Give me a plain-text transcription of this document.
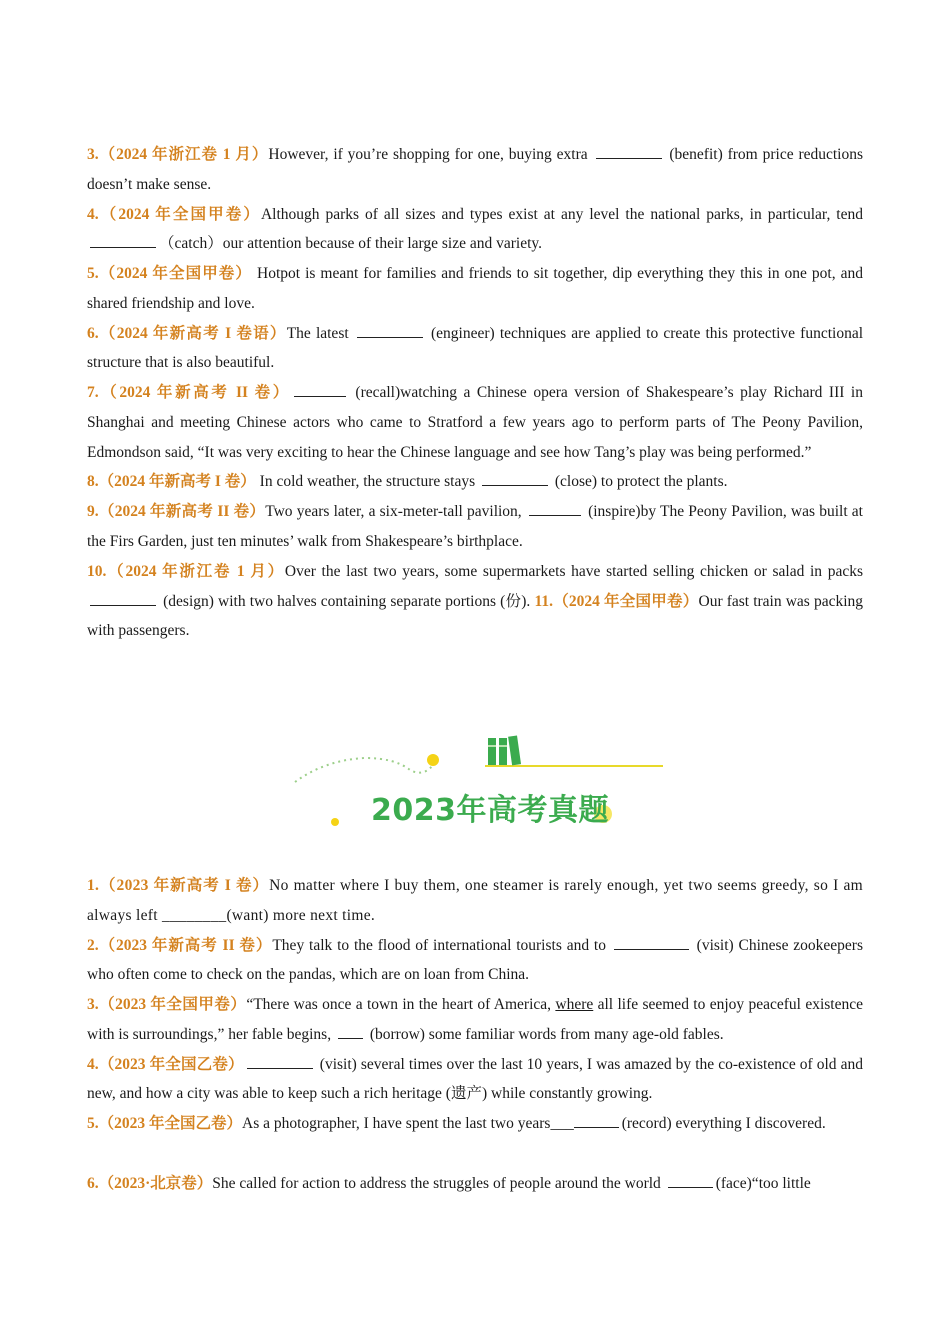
3.（2024 年浙江卷 1 月）However, if you’re shopping for one, buying extra	(benefit) from price reductions doesn’t make sense.

4.（2024 年全国甲卷）Although parks of all sizes and types exist at any level the national parks, in particular, tend （catch）our attention because of their large size and variety.

5.（2024 年全国甲卷） Hotpot is meant for families and friends to sit together, dip everything they this in one pot, and shared friendship and love.

6.（2024 年新高考 I 卷语）The latest	(engineer) techniques are applied to create this protective functional structure that is also beautiful.

7.（2024 年新高考 II 卷）	(recall)watching a Chinese opera version of Shakespeare’s play Richard III in Shanghai and meeting Chinese actors who came to Stratford a few years ago to perform parts of The Peony Pavilion, Edmondson said, “It was very exciting to hear the Chinese language and see how Tang’s play was being performed.”

8.（2024 年新高考 I 卷） In cold weather, the structure stays	(close) to protect the plants.

9.（2024 年新高考 II 卷）Two years later, a six-meter-tall pavilion,	(inspire)by The Peony Pavilion, was built at the Firs Garden, just ten minutes’ walk from Shakespeare’s birthplace.

10.（2024 年浙江卷 1 月）Over the last two years, some supermarkets have started selling chicken or salad in packs  (design) with two halves containing separate portions (份). 11.（2024 年全国甲卷）Our fast train was packing with passengers.

2023年高考真题

1.（2023 年新高考 I 卷）No matter where I buy them, one steamer is rarely enough, yet two seems greedy, so I am always left ________(want) more next time.

2.（2023 年新高考 II 卷）They talk to the flood of international tourists and to	(visit) Chinese zookeepers who often come to check on the pandas, which are on loan from China.

3.（2023 年全国甲卷）“There was once a town in the heart of America, where all life seemed to enjoy peaceful existence with is surroundings,” her fable begins,	(borrow) some familiar words from many age-old fables.

4.（2023 年全国乙卷）	(visit) several times over the last 10 years, I was amazed by the co-existence of old and new, and how a city was able to keep such a rich heritage (遗产) while constantly growing.

5.（2023 年全国乙卷）As a photographer, I have spent the last two years___	(record) everything I discovered.

6.（2023·北京卷）She called for action to address the struggles of people around the world	(face)“too little
